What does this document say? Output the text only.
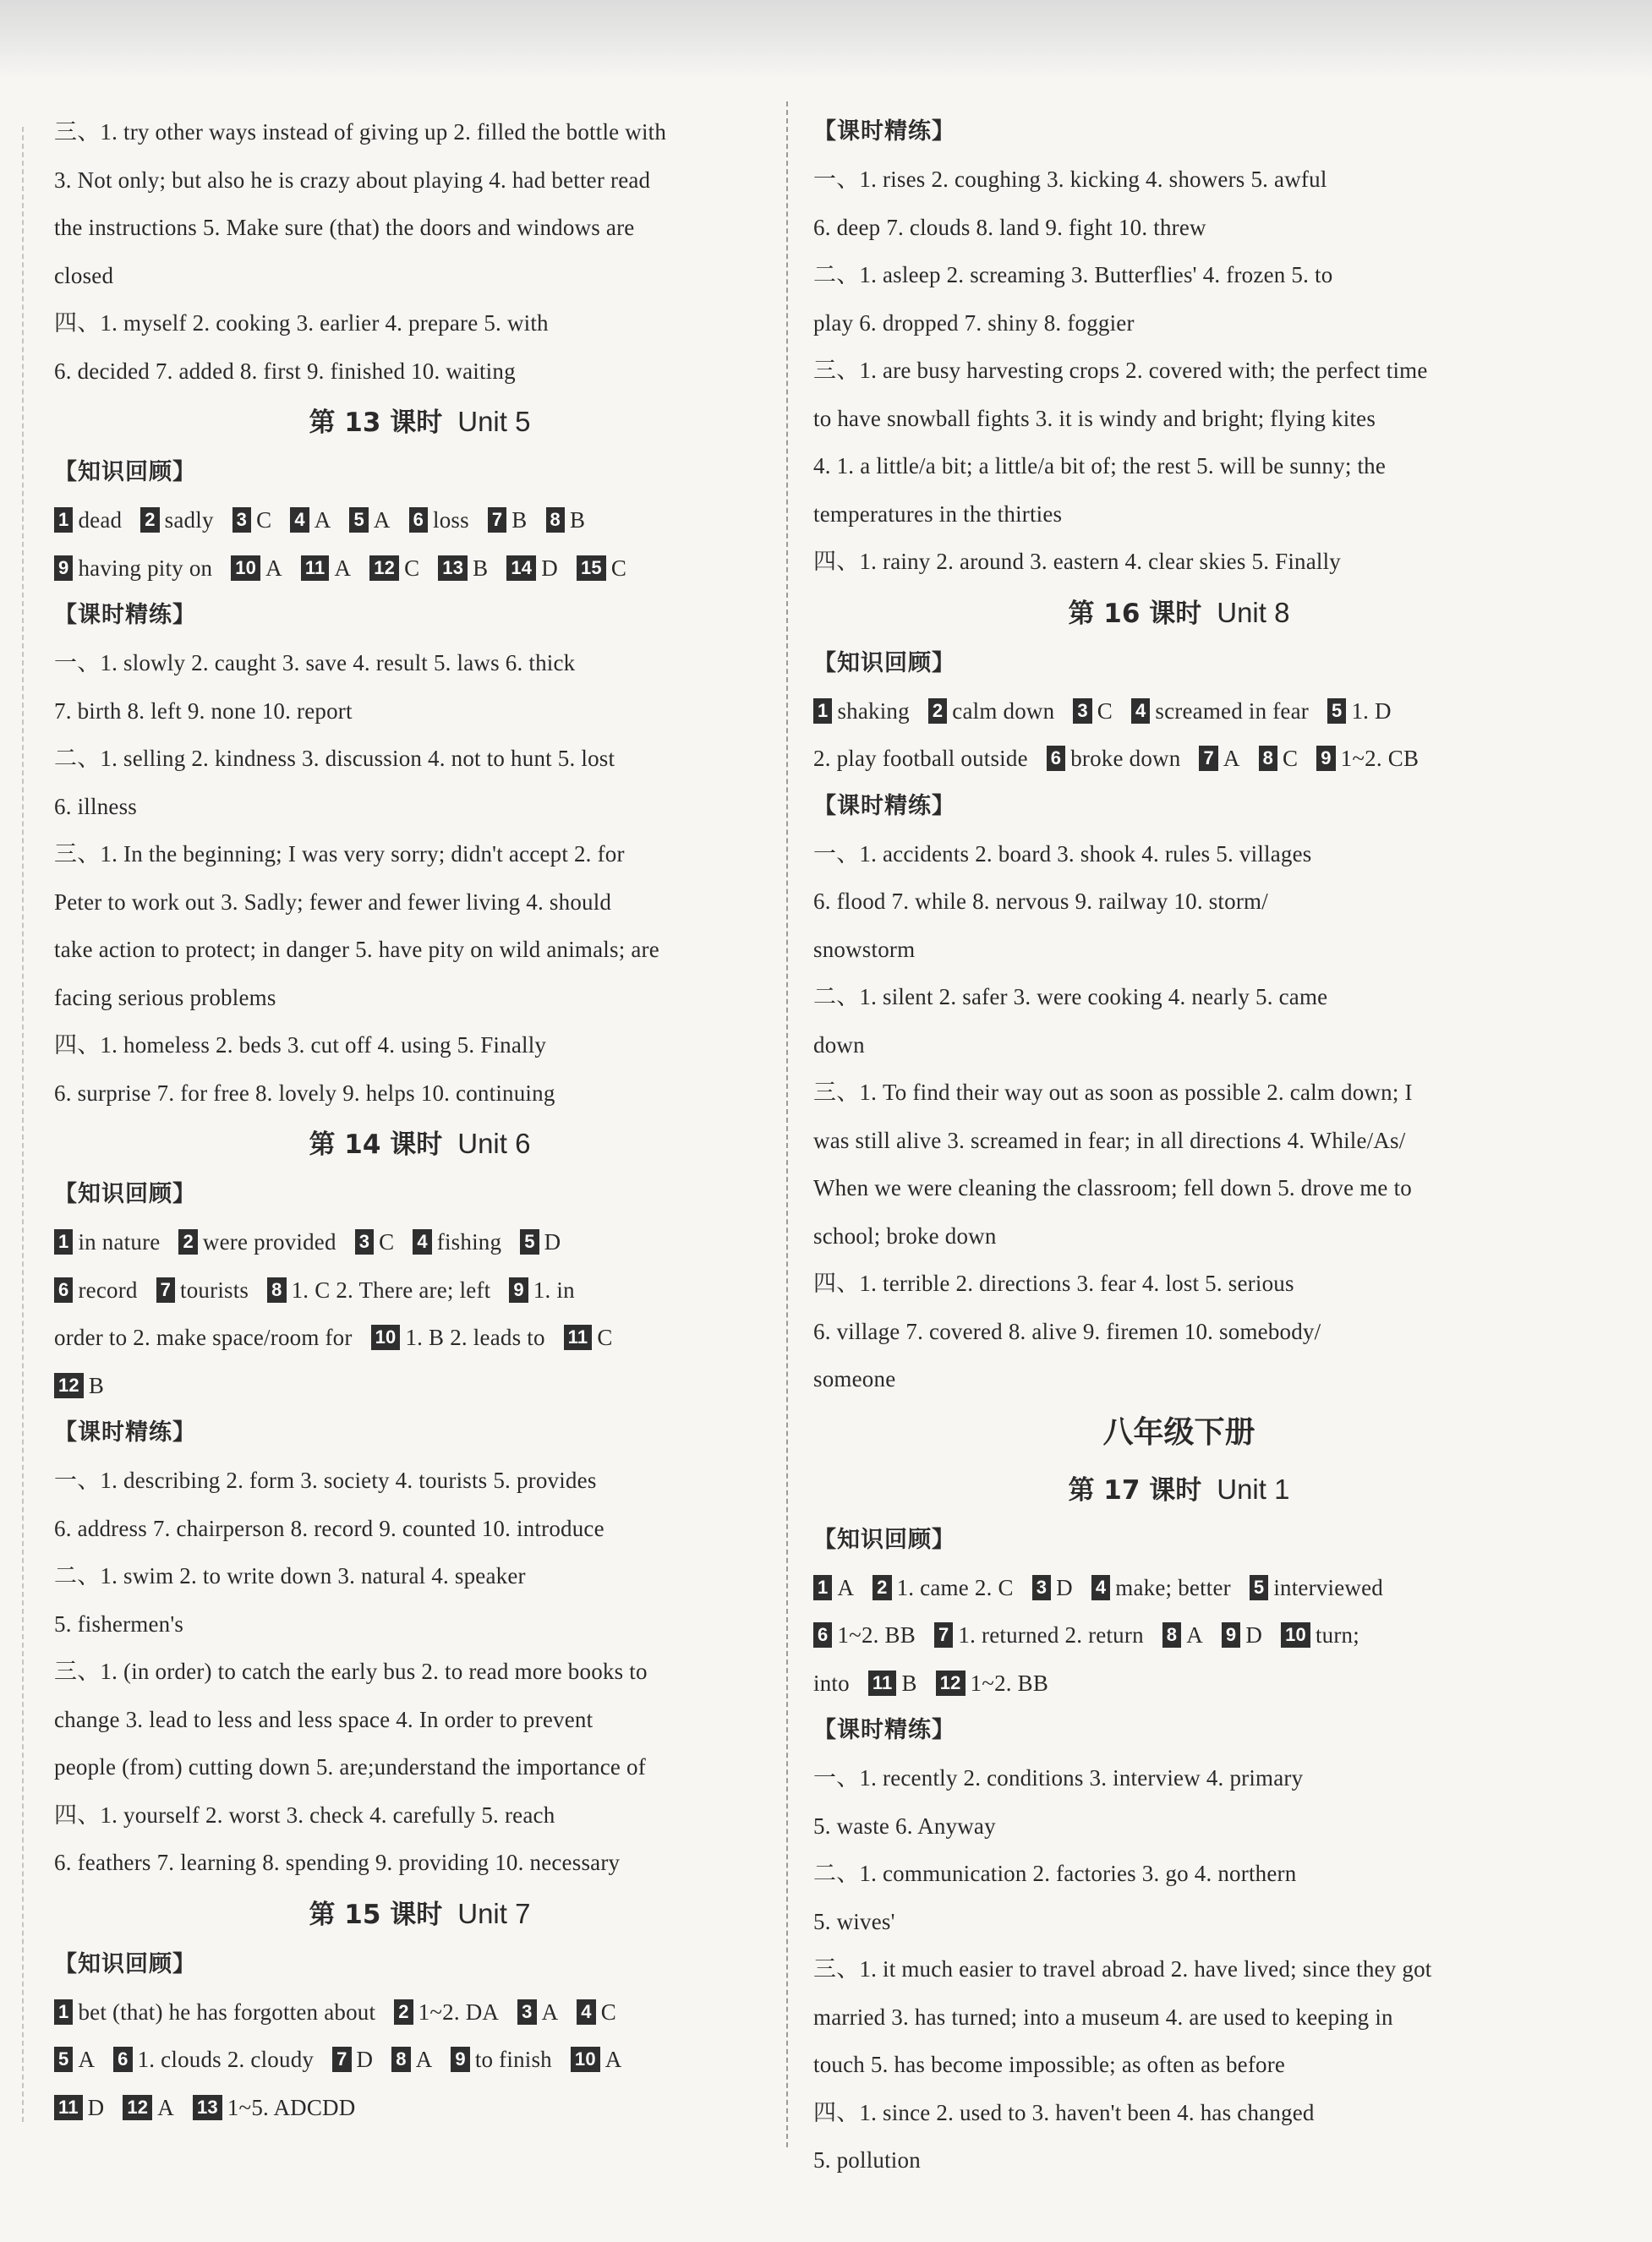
三、1. try other ways instead of giving up 2. filled the bottle with
3. Not only; but also he is crazy about playing 4. had better read
the instructions 5. Make sure (that) the doors and windows are
closed
四、1. myself 2. cooking 3. earlier 4. prepare 5. with
6. decided 7. added 8. first 9. finished 10. waiting
第 13 课时 Unit 5
【知识回顾】
1 dead 2 sadly 3 C 4 A 5 A 6 loss 7 B 8 B
9 having pity on 10 A 11 A 12 C 13 B 14 D 15 C
【课时精练】
一、1. slowly 2. caught 3. save 4. result 5. laws 6. thick
7. birth 8. left 9. none 10. report
二、1. selling 2. kindness 3. discussion 4. not to hunt 5. lost
6. illness
三、1. In the beginning; I was very sorry; didn't accept 2. for
Peter to work out 3. Sadly; fewer and fewer living 4. should
take action to protect; in danger 5. have pity on wild animals; are
facing serious problems
四、1. homeless 2. beds 3. cut off 4. using 5. Finally
6. surprise 7. for free 8. lovely 9. helps 10. continuing
第 14 课时 Unit 6
【知识回顾】
1 in nature 2 were provided 3 C 4 fishing 5 D
6 record 7 tourists 8 1. C 2. There are; left 9 1. in
order to 2. make space/room for 10 1. B 2. leads to 11 C
12 B
【课时精练】
一、1. describing 2. form 3. society 4. tourists 5. provides
6. address 7. chairperson 8. record 9. counted 10. introduce
二、1. swim 2. to write down 3. natural 4. speaker
5. fishermen's
三、1. (in order) to catch the early bus 2. to read more books to
change 3. lead to less and less space 4. In order to prevent
people (from) cutting down 5. are;understand the importance of
四、1. yourself 2. worst 3. check 4. carefully 5. reach
6. feathers 7. learning 8. spending 9. providing 10. necessary
第 15 课时 Unit 7
【知识回顾】
1 bet (that) he has forgotten about 2 1~2. DA 3 A 4 C
5 A 6 1. clouds 2. cloudy 7 D 8 A 9 to finish 10 A
11 D 12 A 13 1~5. ADCDD
【课时精练】
一、1. rises 2. coughing 3. kicking 4. showers 5. awful
6. deep 7. clouds 8. land 9. fight 10. threw
二、1. asleep 2. screaming 3. Butterflies' 4. frozen 5. to
play 6. dropped 7. shiny 8. foggier
三、1. are busy harvesting crops 2. covered with; the perfect time
to have snowball fights 3. it is windy and bright; flying kites
4. 1. a little/a bit; a little/a bit of; the rest 5. will be sunny; the
temperatures in the thirties
四、1. rainy 2. around 3. eastern 4. clear skies 5. Finally
第 16 课时 Unit 8
【知识回顾】
1 shaking 2 calm down 3 C 4 screamed in fear 5 1. D
2. play football outside 6 broke down 7 A 8 C 9 1~2. CB
【课时精练】
一、1. accidents 2. board 3. shook 4. rules 5. villages
6. flood 7. while 8. nervous 9. railway 10. storm/
snowstorm
二、1. silent 2. safer 3. were cooking 4. nearly 5. came
down
三、1. To find their way out as soon as possible 2. calm down; I
was still alive 3. screamed in fear; in all directions 4. While/As/
When we were cleaning the classroom; fell down 5. drove me to
school; broke down
四、1. terrible 2. directions 3. fear 4. lost 5. serious
6. village 7. covered 8. alive 9. firemen 10. somebody/
someone
八年级下册
第 17 课时 Unit 1
【知识回顾】
1 A 2 1. came 2. C 3 D 4 make; better 5 interviewed
6 1~2. BB 7 1. returned 2. return 8 A 9 D 10 turn;
into 11 B 12 1~2. BB
【课时精练】
一、1. recently 2. conditions 3. interview 4. primary
5. waste 6. Anyway
二、1. communication 2. factories 3. go 4. northern
5. wives'
三、1. it much easier to travel abroad 2. have lived; since they got
married 3. has turned; into a museum 4. are used to keeping in
touch 5. has become impossible; as often as before
四、1. since 2. used to 3. haven't been 4. has changed
5. pollution
